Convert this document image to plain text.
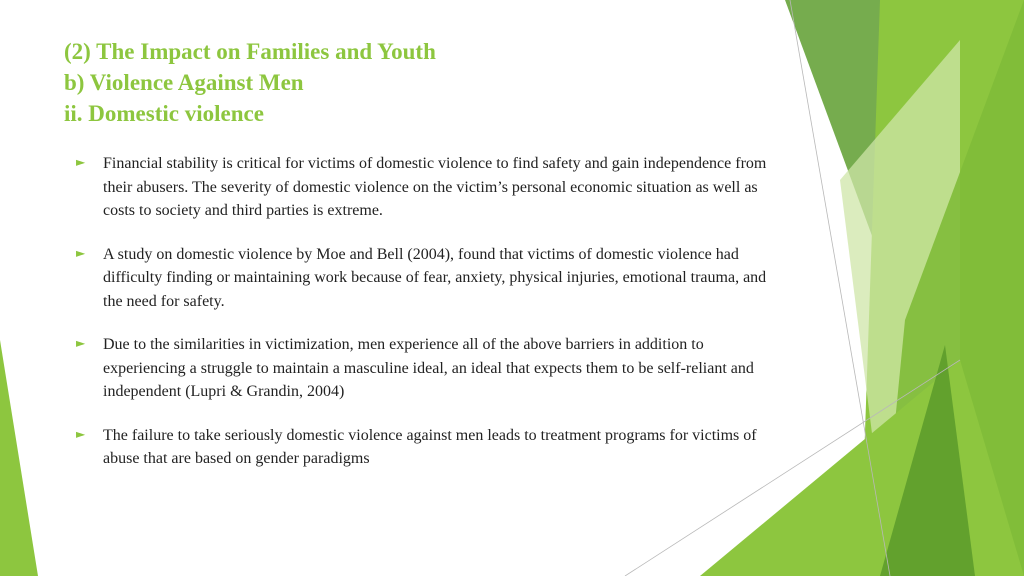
(2) The Impact on Families and Youth
b) Violence Against Men
ii. Domestic violence
► Financial stability is critical for victims of domestic violence to find safety and gain independence from their abusers. The severity of domestic violence on the victim’s personal economic situation as well as costs to society and third parties is extreme.
► A study on domestic violence by Moe and Bell (2004), found that victims of domestic violence had difficulty finding or maintaining work because of fear, anxiety, physical injuries, emotional trauma, and the need for safety.
► Due to the similarities in victimization, men experience all of the above barriers in addition to experiencing a struggle to maintain a masculine ideal, an ideal that expects them to be self-reliant and independent (Lupri & Grandin, 2004)
► The failure to take seriously domestic violence against men leads to treatment programs for victims of abuse that are based on gender paradigms
